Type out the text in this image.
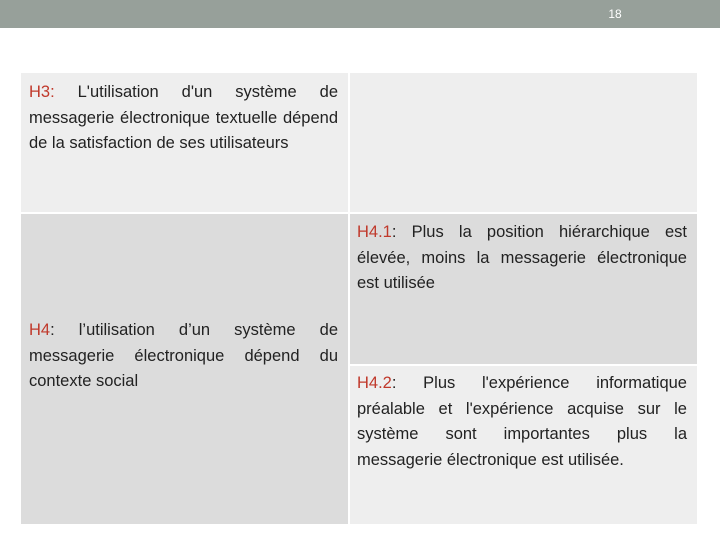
18
H3: L'utilisation d'un système de messagerie électronique textuelle dépend de la satisfaction de ses utilisateurs	
H4: l’utilisation d’un système de messagerie électronique dépend du contexte social	H4.1: Plus la position hiérarchique est élevée, moins la messagerie électronique est utilisée
	H4.2: Plus l'expérience informatique préalable et l'expérience acquise sur le système sont importantes plus la messagerie électronique est utilisée.
